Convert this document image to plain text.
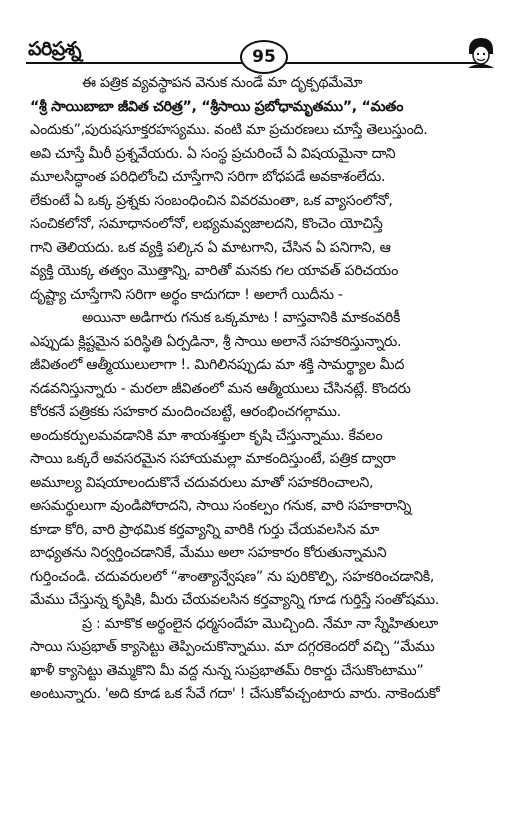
పరిప్రశ్న	95
ఈ పత్రిక వ్యవస్థాపన వెనుక నుండే మా దృక్పథమేమో
“శ్రీ సాయిబాబా జీవిత చరిత్ర”, “శ్రీసాయి ప్రబోధామృతము”, “మతం
ఎందుకు”,పురుషసూక్తరహస్యము. వంటి మా ప్రచురణలు చూస్తే తెలుస్తుంది.
అవి చూస్తే మీరీ ప్రశ్నవేయరు. ఏ సంస్థ ప్రచురించే ఏ విషయమైనా దాని
మూలసిద్ధాంత పరిధిలోంచి చూస్తేగాని సరిగా బోధపడే అవకాశంలేదు.
లేకుంటే ఏ ఒక్క ప్రశ్నకు సంబంధించిన వివరమంతా, ఒక వ్యాసంలోనో,
సంచికలోనో, సమాధానంలోనో, లభ్యమవ్వజాలదని, కొంచెం యోచిస్తే
గాని తెలియదు. ఒక వ్యక్తి పల్కిన ఏ మాటగాని, చేసిన ఏ పనిగాని, ఆ
వ్యక్తి యొక్క తత్వం మొత్తాన్ని, వారితో మనకు గల యావత్ పరిచయం
దృష్ట్యా చూస్తేగాని సరిగా అర్థం కాదుగదా ! అలాగే యిదీను -
అయినా అడిగారు గనుక ఒక్కమాట ! వాస్తవానికి మాకంవరికీ
ఎప్పుడు క్లిష్టమైన పరిస్థితి ఏర్పడినా, శ్రీ సాయి అలానే సహకరిస్తున్నారు.
జీవితంలో ఆత్మీయులులాగా !. మిగిలినప్పుడు మా శక్తి సామర్థ్యాల మీద
నడవనిస్తున్నారు - మరలా జీవితంలో మన ఆత్మీయులు చేసినట్లే. కొందరు
కోరకనే పత్రికకు సహకార మందించబట్టే, ఆరంభించగల్గాము.
అందుకర్పులమవడానికి మా శాయశక్తులా కృషి చేస్తున్నాము. కేవలం
సాయి ఒక్కరే అవసరమైన సహాయమల్లా మాకందిస్తుంటే, పత్రిక ద్వారా
అమూల్య విషయాలందుకొనే చదువరులు మాతో సహకరించాలని,
అసమర్థులుగా వుండిపోరాదని, సాయి సంకల్పం గనుక, వారి సహకారాన్ని
కూడా కోరి, వారి ప్రాథమిక కర్తవ్యాన్ని వారికి గుర్తు చేయవలసిన మా
బాధ్యతను నిర్వర్తించడానికే, మేము అలా సహకారం కోరుతున్నామని
గుర్తించండి. చదువరులలో “శాంత్యాన్వేషణ” ను పురికొల్పి, సహకరించడానికి,
మేము చేస్తున్న కృషికి, మీరు చేయవలసిన కర్తవ్యాన్ని గూడ గుర్తిస్తే సంతోషము.
ప్ర : మాకొక అర్థంలైన ధర్మసందేహ మొచ్చింది. నేమా నా స్నేహితులూ
సాయి సుప్రభాత్ క్యాసెట్టు తెప్పించుకొన్నాము. మా దగ్గరకెందరో వచ్చి “మేము
ఖాళీ క్యాసెట్టు తెమ్మకొని మీ వద్ద నున్న సుప్రభాతమ్ రికార్డు చేసుకొంటాము”
అంటున్నారు. 'అది కూడ ఒక సేవే గదా' ! చేసుకోవచ్చంటారు వారు. నాకెందుకో
